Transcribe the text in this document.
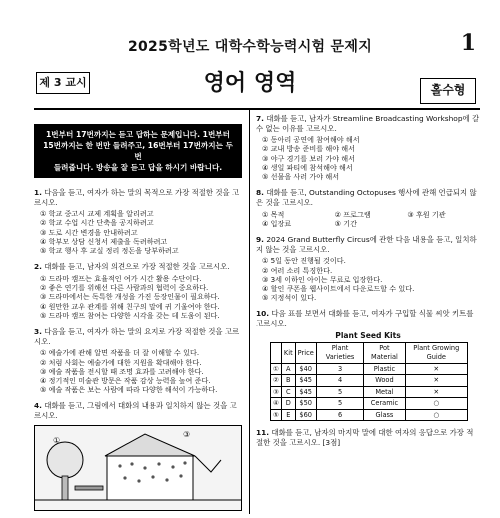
2025학년도 대학수학능력시험 문제지	1
제 3 교시	영어 영역	홀수형
1번부터 17번까지는 듣고 답하는 문제입니다. 1번부터
15번까지는 한 번만 들려주고, 16번부터 17번까지는 두 번
들려줍니다. 방송을 잘 듣고 답을 하시기 바랍니다.
1. 다음을 듣고, 여자가 하는 말의 목적으로 가장 적절한 것을 고르시오.
① 학교 중고시 교제 계획을 알리려고
② 학교 수업 시간 단축을 공지하려고
③ 도로 시간 변경을 안내하려고
④ 학부모 상담 신청서 제출을 독려하려고
⑤ 학교 행사 후 교실 정리 정돈을 당부하려고
2. 대화를 듣고, 남자의 의견으로 가장 적절한 것을 고르시오.
① 드라마 캠프는 효율적인 여가 시간 활용 수단이다.
② 좋은 연기를 위해선 다른 사람과의 협력이 중요하다.
③ 드라마에서는 독특한 개성을 가진 등장인물이 필요하다.
④ 원만한 교우 관계를 위해 친구의 말에 귀 기울여야 한다.
⑤ 드라마 캠프 참여는 다양한 시각을 갖는 데 도움이 된다.
3. 다음을 듣고, 여자가 하는 말의 요지로 가장 적절한 것을 고르시오.
① 예술가에 관해 알면 작품을 더 잘 이해할 수 있다.
② 처럼 사회는 예술가에 대한 지원을 확대해야 한다.
③ 예술 작품을 전시할 때 조명 효과를 고려해야 한다.
④ 정기적인 미술관 방문은 작품 감상 능력을 높여 준다.
⑤ 예술 작품은 보는 사람에 따라 다양한 해석이 가능하다.
4. 대화를 듣고, 그림에서 대화의 내용과 일치하지 않는 것을 고르시오.
①
③
7. 대화를 듣고, 남자가 Streamline Broadcasting Workshop에 갈 수 없는 이유를 고르시오.
① 동아리 공연에 참여해야 해서
② 교내 방송 준비를 해야 해서
③ 야구 경기를 보러 가야 해서
④ 생일 파티에 참석해야 해서
⑤ 선물을 사러 가야 해서
8. 대화를 듣고, Outstanding Octopuses 행사에 관해 언급되지 않은 것을 고르시오.
① 목적	② 프로그램	③ 후원 기관
④ 입장료	⑤ 기간
9. 2024 Grand Butterfly Circus에 관한 다음 내용을 듣고, 일치하지 않는 것을 고르시오.
① 5일 동안 진행될 것이다.
② 여러 소리 특징한다.
③ 3세 이하인 아이는 무료로 입장한다.
④ 할인 쿠폰을 웹사이트에서 다운로드할 수 있다.
⑤ 지정석이 있다.
10. 다음 표를 보면서 대화를 듣고, 여자가 구입할 식물 씨앗 키트를 고르시오.
Plant Seed Kits
	Kit	Price	Plant Varieties	Pot Material	Plant Growing Guide
①	A	$40	3	Plastic	✕
②	B	$45	4	Wood	✕
③	C	$45	5	Metal	✕
④	D	$50	5	Ceramic	○
⑤	E	$60	6	Glass	○
11. 대화를 듣고, 남자의 마지막 말에 대한 여자의 응답으로 가장 적절한 것을 고르시오. [3점]
